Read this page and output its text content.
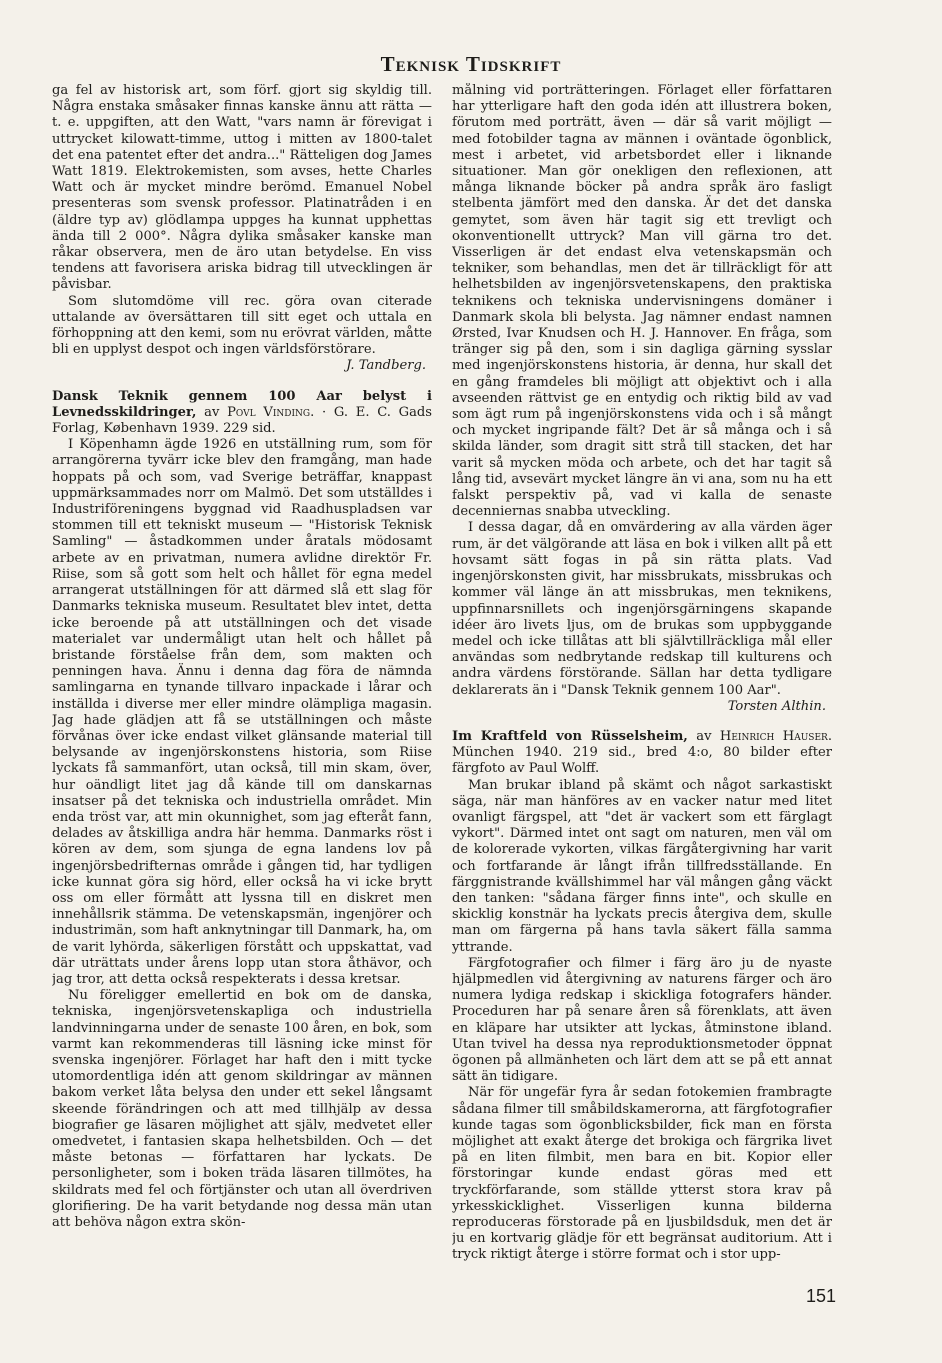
Teknisk Tidskrift

ga fel av historisk art, som förf. gjort sig skyldig till. Några enstaka småsaker finnas kanske ännu att rätta — t. e. uppgiften, att den Watt, "vars namn är förevigat i uttrycket kilowatt-timme, uttog i mitten av 1800-talet det ena patentet efter det andra..." Rätteligen dog James Watt 1819. Elektrokemisten, som avses, hette Charles Watt och är mycket mindre berömd. Emanuel Nobel presenteras som svensk professor. Platinatråden i en (äldre typ av) glödlampa uppges ha kunnat upphettas ända till 2 000°. Några dylika småsaker kanske man råkar observera, men de äro utan betydelse. En viss tendens att favorisera ariska bidrag till utvecklingen är påvisbar.

Som slutomdöme vill rec. göra ovan citerade uttalande av översättaren till sitt eget och uttala en förhoppning att den kemi, som nu erövrat världen, måtte bli en upplyst despot och ingen världsförstörare.

J. Tandberg.

Dansk Teknik gennem 100 Aar belyst i Levnedsskildringer, av Povl Vinding. · G. E. C. Gads Forlag, København 1939. 229 sid.

I Köpenhamn ägde 1926 en utställning rum, som för arrangörerna tyvärr icke blev den framgång, man hade hoppats på och som, vad Sverige beträffar, knappast uppmärksammades norr om Malmö. Det som utställdes i Industriföreningens byggnad vid Raadhuspladsen var stommen till ett tekniskt museum — "Historisk Teknisk Samling" — åstadkommen under åratals mödosamt arbete av en privatman, numera avlidne direktör Fr. Riise, som så gott som helt och hållet för egna medel arrangerat utställningen för att därmed slå ett slag för Danmarks tekniska museum. Resultatet blev intet, detta icke beroende på att utställningen och det visade materialet var undermåligt utan helt och hållet på bristande förståelse från dem, som makten och penningen hava. Ännu i denna dag föra de nämnda samlingarna en tynande tillvaro inpackade i lårar och inställda i diverse mer eller mindre olämpliga magasin. Jag hade glädjen att få se utställningen och måste förvånas över icke endast vilket glänsande material till belysande av ingenjörskonstens historia, som Riise lyckats få sammanfört, utan också, till min skam, över, hur oändligt litet jag då kände till om danskarnas insatser på det tekniska och industriella området. Min enda tröst var, att min okunnighet, som jag efteråt fann, delades av åtskilliga andra här hemma. Danmarks röst i kören av dem, som sjunga de egna landens lov på ingenjörsbedrifternas område i gången tid, har tydligen icke kunnat göra sig hörd, eller också ha vi icke brytt oss om eller förmått att lyssna till en diskret men innehållsrik stämma. De vetenskapsmän, ingenjörer och industrimän, som haft anknytningar till Danmark, ha, om de varit lyhörda, säkerligen förstått och uppskattat, vad där uträttats under årens lopp utan stora åthävor, och jag tror, att detta också respekterats i dessa kretsar.

Nu föreligger emellertid en bok om de danska, tekniska, ingenjörsvetenskapliga och industriella landvinningarna under de senaste 100 åren, en bok, som varmt kan rekommenderas till läsning icke minst för svenska ingenjörer. Förlaget har haft den i mitt tycke utomordentliga idén att genom skildringar av männen bakom verket låta belysa den under ett sekel långsamt skeende förändringen och att med tillhjälp av dessa biografier ge läsaren möjlighet att själv, medvetet eller omedvetet, i fantasien skapa helhetsbilden. Och — det måste betonas — författaren har lyckats. De personligheter, som i boken träda läsaren tillmötes, ha skildrats med fel och förtjänster och utan all överdriven glorifiering. De ha varit betydande nog dessa män utan att behöva någon extra skön-

målning vid porträtteringen. Förlaget eller författaren har ytterligare haft den goda idén att illustrera boken, förutom med porträtt, även — där så varit möjligt — med fotobilder tagna av männen i oväntade ögonblick, mest i arbetet, vid arbetsbordet eller i liknande situationer. Man gör onekligen den reflexionen, att många liknande böcker på andra språk äro fasligt stelbenta jämfört med den danska. Är det det danska gemytet, som även här tagit sig ett trevligt och okonventionellt uttryck? Man vill gärna tro det. Visserligen är det endast elva vetenskapsmän och tekniker, som behandlas, men det är tillräckligt för att helhetsbilden av ingenjörsvetenskapens, den praktiska teknikens och tekniska undervisningens domäner i Danmark skola bli belysta. Jag nämner endast namnen Ørsted, Ivar Knudsen och H. J. Hannover. En fråga, som tränger sig på den, som i sin dagliga gärning sysslar med ingenjörskonstens historia, är denna, hur skall det en gång framdeles bli möjligt att objektivt och i alla avseenden rättvist ge en entydig och riktig bild av vad som ägt rum på ingenjörskonstens vida och i så mångt och mycket ingripande fält? Det är så många och i så skilda länder, som dragit sitt strå till stacken, det har varit så mycken möda och arbete, och det har tagit så lång tid, avsevärt mycket längre än vi ana, som nu ha ett falskt perspektiv på, vad vi kalla de senaste decenniernas snabba utveckling.

I dessa dagar, då en omvärdering av alla värden äger rum, är det välgörande att läsa en bok i vilken allt på ett hovsamt sätt fogas in på sin rätta plats. Vad ingenjörskonsten givit, har missbrukats, missbrukas och kommer väl länge än att missbrukas, men teknikens, uppfinnarsnillets och ingenjörsgärningens skapande idéer äro livets ljus, om de brukas som uppbyggande medel och icke tillåtas att bli självtillräckliga mål eller användas som nedbrytande redskap till kulturens och andra värdens förstörande. Sällan har detta tydligare deklarerats än i "Dansk Teknik gennem 100 Aar".

Torsten Althin.

Im Kraftfeld von Rüsselsheim, av Heinrich Hauser. München 1940. 219 sid., bred 4:o, 80 bilder efter färgfoto av Paul Wolff.

Man brukar ibland på skämt och något sarkastiskt säga, när man hänföres av en vacker natur med litet ovanligt färgspel, att "det är vackert som ett färglagt vykort". Därmed intet ont sagt om naturen, men väl om de kolorerade vykorten, vilkas färgåtergivning har varit och fortfarande är långt ifrån tillfredsställande. En färggnistrande kvällshimmel har väl mången gång väckt den tanken: "sådana färger finns inte", och skulle en skicklig konstnär ha lyckats precis återgiva dem, skulle man om färgerna på hans tavla säkert fälla samma yttrande.

Färgfotografier och filmer i färg äro ju de nyaste hjälpmedlen vid återgivning av naturens färger och äro numera lydiga redskap i skickliga fotografers händer. Proceduren har på senare åren så förenklats, att även en kläpare har utsikter att lyckas, åtminstone ibland. Utan tvivel ha dessa nya reproduktionsmetoder öppnat ögonen på allmänheten och lärt dem att se på ett annat sätt än tidigare.

När för ungefär fyra år sedan fotokemien frambragte sådana filmer till småbildskamerorna, att färgfotografier kunde tagas som ögonblicksbilder, fick man en första möjlighet att exakt återge det brokiga och färgrika livet på en liten filmbit, men bara en bit. Kopior eller förstoringar kunde endast göras med ett tryckförfarande, som ställde ytterst stora krav på yrkesskicklighet. Visserligen kunna bilderna reproduceras förstorade på en ljusbildsduk, men det är ju en kortvarig glädje för ett begränsat auditorium. Att i tryck riktigt återge i större format och i stor upp-

151
